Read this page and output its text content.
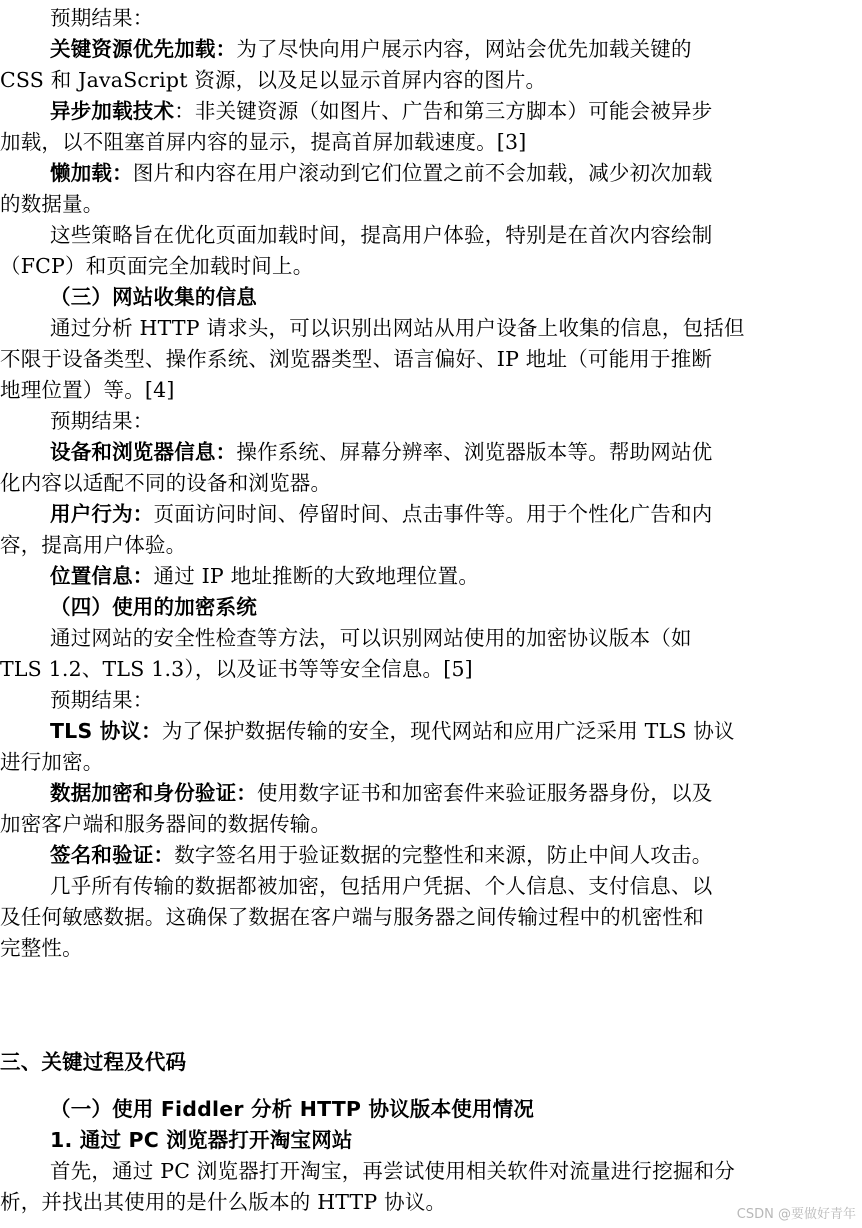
预期结果：
关键资源优先加载：为了尽快向用户展示内容，网站会优先加载关键的
CSS 和 JavaScript 资源，以及足以显示首屏内容的图片。
异步加载技术：非关键资源（如图片、广告和第三方脚本）可能会被异步
加载，以不阻塞首屏内容的显示，提高首屏加载速度。[3]
懒加载：图片和内容在用户滚动到它们位置之前不会加载，减少初次加载
的数据量。
这些策略旨在优化页面加载时间，提高用户体验，特别是在首次内容绘制
（FCP）和页面完全加载时间上。
（三）网站收集的信息
通过分析 HTTP 请求头，可以识别出网站从用户设备上收集的信息，包括但
不限于设备类型、操作系统、浏览器类型、语言偏好、IP 地址（可能用于推断
地理位置）等。[4]
预期结果：
设备和浏览器信息：操作系统、屏幕分辨率、浏览器版本等。帮助网站优
化内容以适配不同的设备和浏览器。
用户行为：页面访问时间、停留时间、点击事件等。用于个性化广告和内
容，提高用户体验。
位置信息：通过 IP 地址推断的大致地理位置。
（四）使用的加密系统
通过网站的安全性检查等方法，可以识别网站使用的加密协议版本（如
TLS 1.2、TLS 1.3），以及证书等等安全信息。[5]
预期结果：
TLS 协议：为了保护数据传输的安全，现代网站和应用广泛采用 TLS 协议
进行加密。
数据加密和身份验证：使用数字证书和加密套件来验证服务器身份，以及
加密客户端和服务器间的数据传输。
签名和验证：数字签名用于验证数据的完整性和来源，防止中间人攻击。
几乎所有传输的数据都被加密，包括用户凭据、个人信息、支付信息、以
及任何敏感数据。这确保了数据在客户端与服务器之间传输过程中的机密性和
完整性。
三、关键过程及代码
（一）使用 Fiddler 分析 HTTP 协议版本使用情况
1. 通过 PC 浏览器打开淘宝网站
首先，通过 PC 浏览器打开淘宝，再尝试使用相关软件对流量进行挖掘和分
析，并找出其使用的是什么版本的 HTTP 协议。
CSDN @要做好青年
